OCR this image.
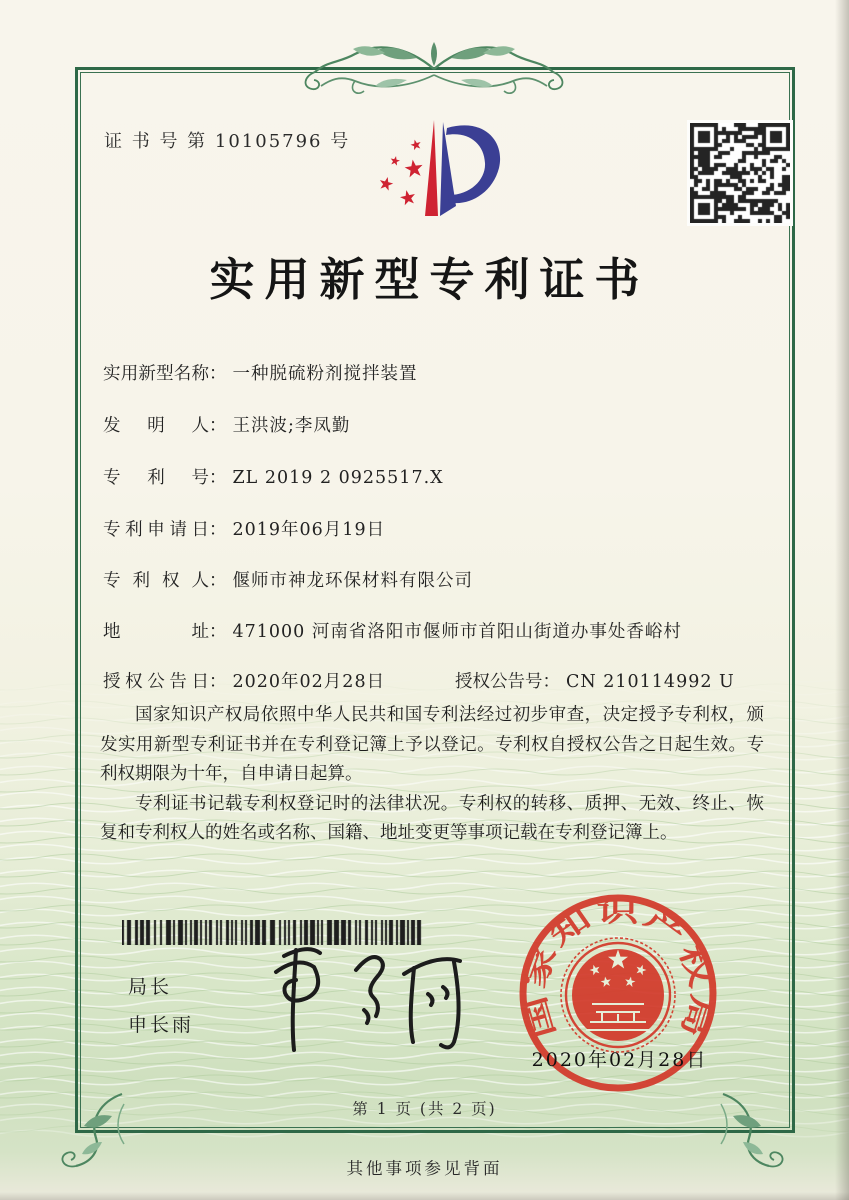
证 书 号 第 10105796 号
实用新型专利证书
实用新型名称： 一种脱硫粉剂搅拌装置
发明人： 王洪波;李凤勤
专利号： ZL 2019 2 0925517.X
专利申请日： 2019年06月19日
专利权人： 偃师市神龙环保材料有限公司
地址： 471000 河南省洛阳市偃师市首阳山街道办事处香峪村
授权公告日： 2020年02月28日	授权公告号： CN 210114992 U

国家知识产权局依照中华人民共和国专利法经过初步审查，决定授予专利权，颁发实用新型专利证书并在专利登记簿上予以登记。专利权自授权公告之日起生效。专利权期限为十年，自申请日起算。

专利证书记载专利权登记时的法律状况。专利权的转移、质押、无效、终止、恢复和专利权人的姓名或名称、国籍、地址变更等事项记载在专利登记簿上。

局长
申长雨	国家知识产权局
2020年02月28日
第 1 页 (共 2 页)
其他事项参见背面
